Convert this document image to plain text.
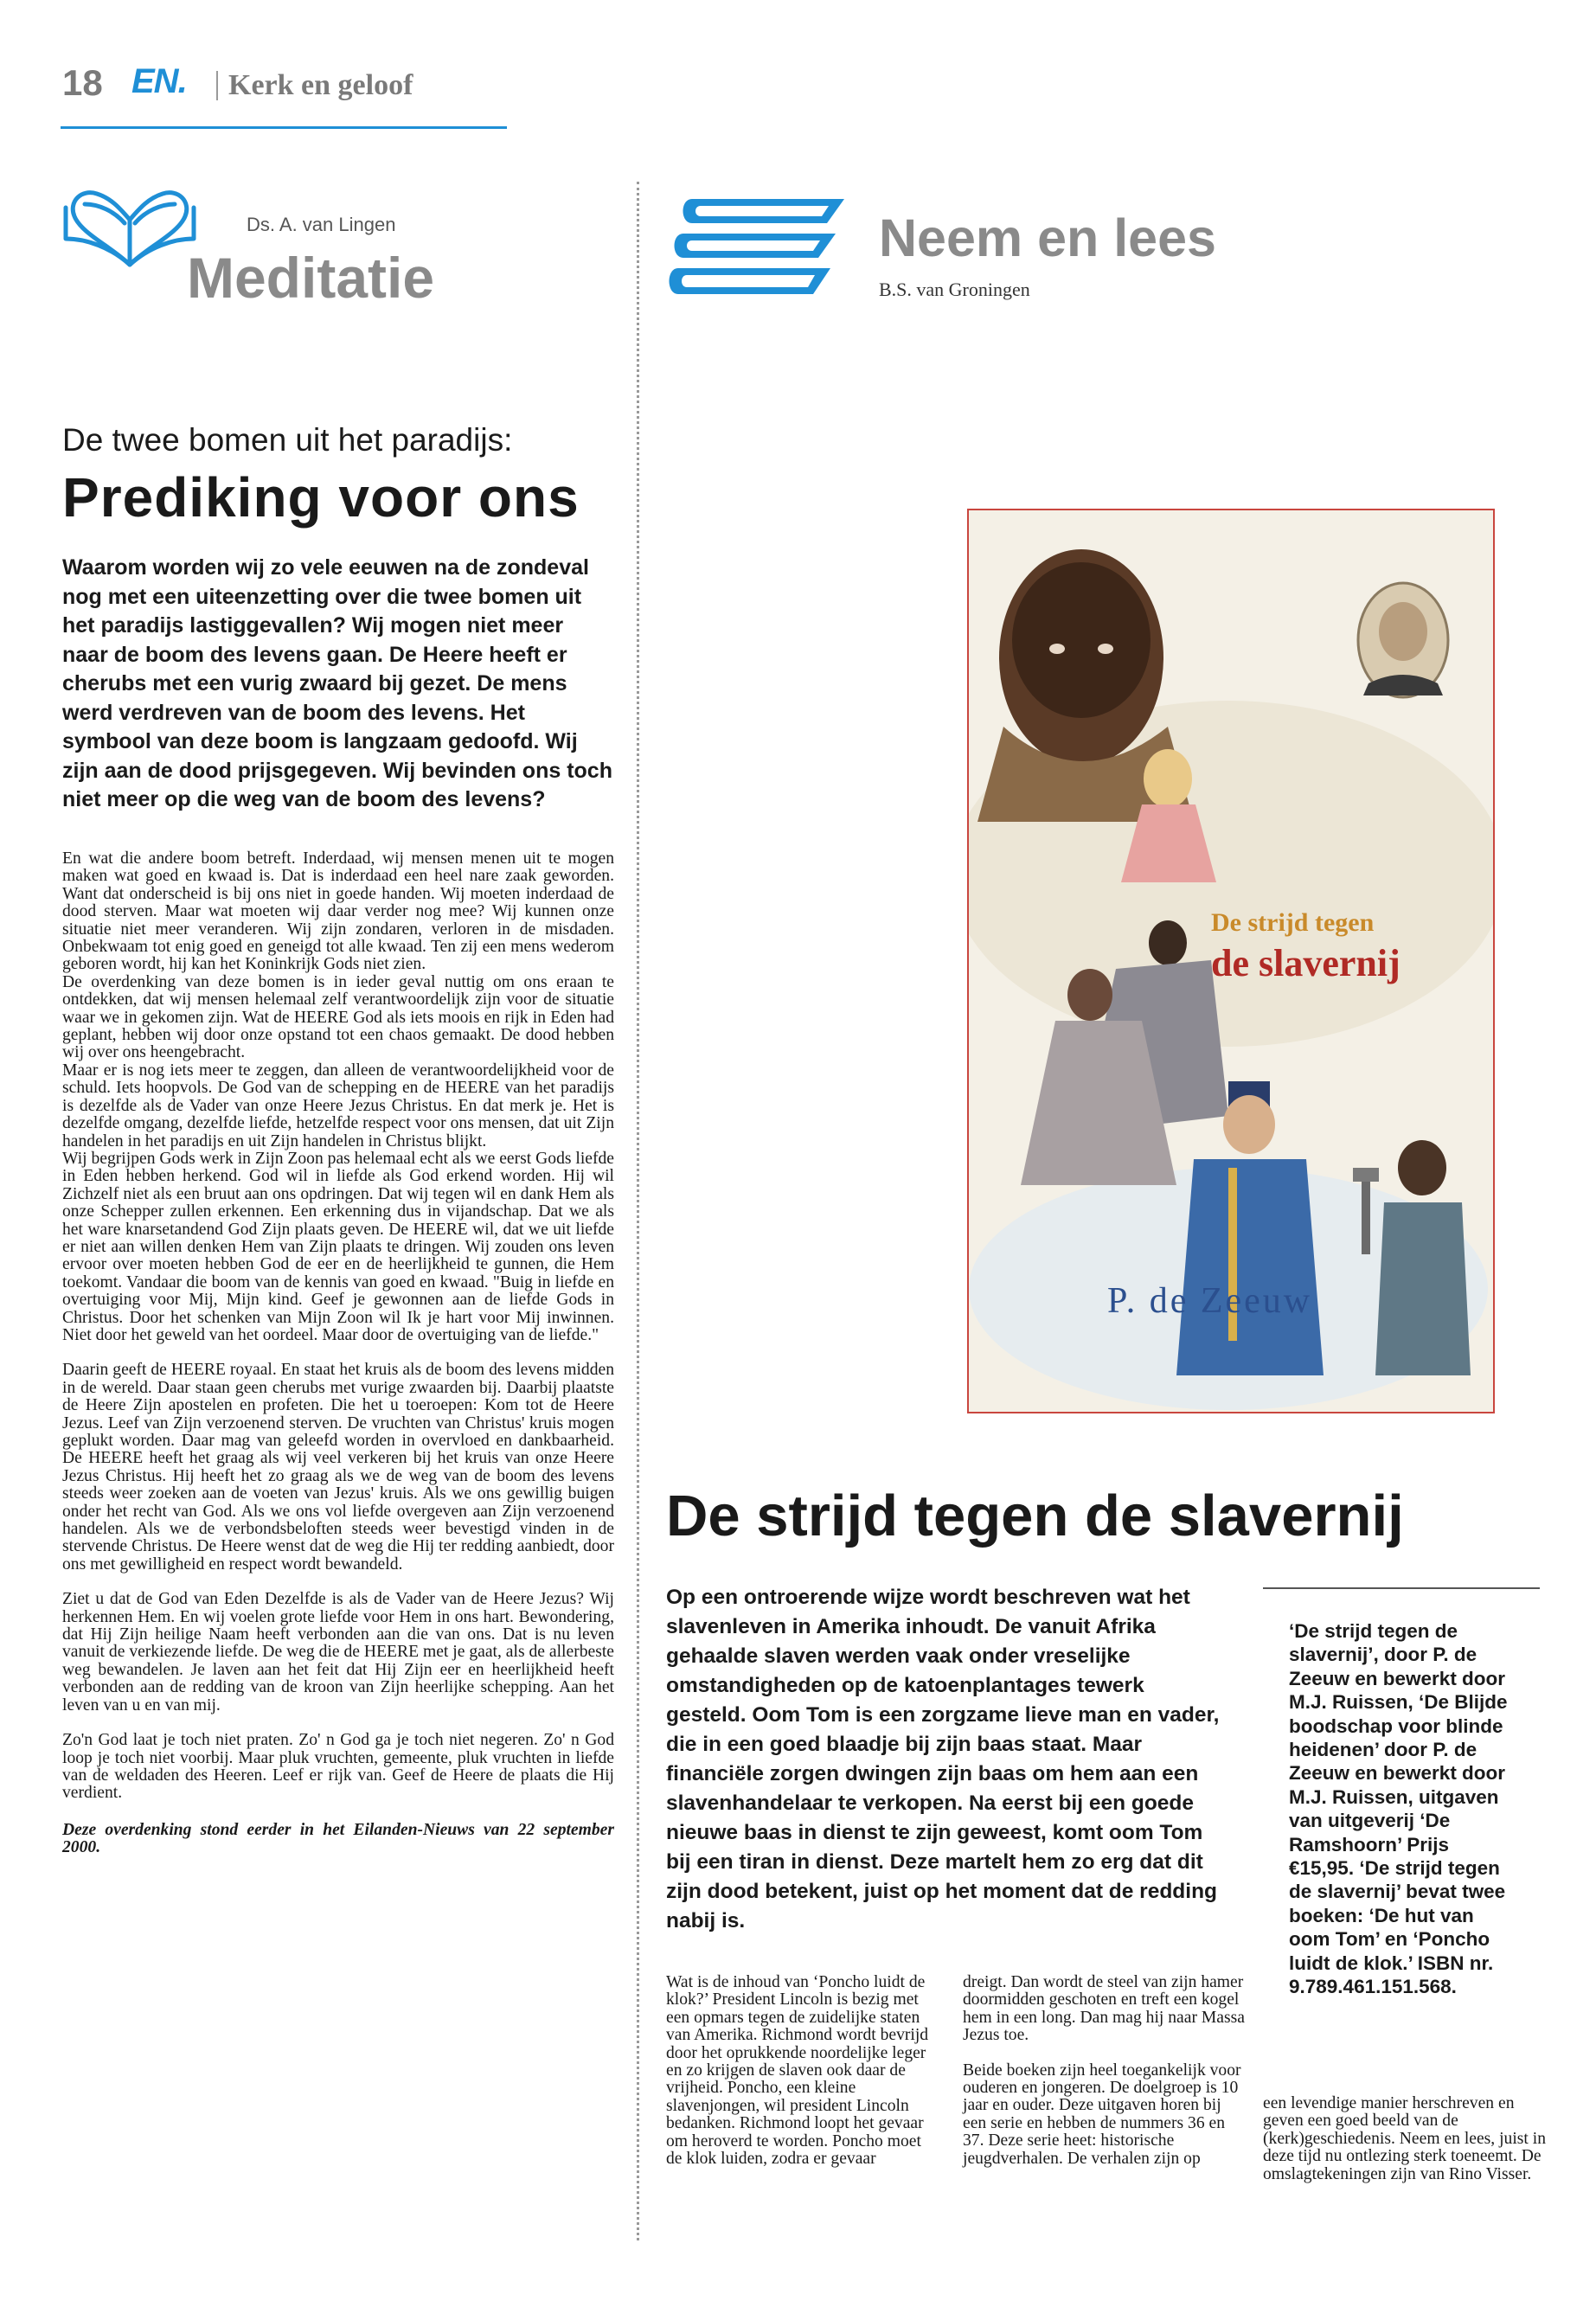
18 EN. Kerk en geloof
Ds. A. van Lingen
Meditatie
De twee bomen uit het paradijs:
Prediking voor ons
Waarom worden wij zo vele eeuwen na de zondeval nog met een uiteenzetting over die twee bomen uit het paradijs lastiggevallen? Wij mogen niet meer naar de boom des levens gaan. De Heere heeft er cherubs met een vurig zwaard bij gezet. De mens werd verdreven van de boom des levens. Het symbool van deze boom is langzaam gedoofd. Wij zijn aan de dood prijsgegeven. Wij bevinden ons toch niet meer op die weg van de boom des levens?

En wat die andere boom betreft. Inderdaad, wij mensen menen uit te mogen maken wat goed en kwaad is. Dat is inderdaad een heel nare zaak geworden. Want dat onderscheid is bij ons niet in goede handen. Wij moeten inderdaad de dood sterven. Maar wat moeten wij daar verder nog mee? Wij kunnen onze situatie niet meer veranderen. Wij zijn zondaren, verloren in de misdaden. Onbekwaam tot enig goed en geneigd tot alle kwaad. Ten zij een mens wederom geboren wordt, hij kan het Koninkrijk Gods niet zien.

De overdenking van deze bomen is in ieder geval nuttig om ons eraan te ontdekken, dat wij mensen helemaal zelf verantwoordelijk zijn voor de situatie waar we in gekomen zijn. Wat de HEERE God als iets moois en rijk in Eden had geplant, hebben wij door onze opstand tot een chaos gemaakt. De dood hebben wij over ons heengebracht.

Maar er is nog iets meer te zeggen, dan alleen de verantwoordelijkheid voor de schuld. Iets hoopvols. De God van de schepping en de HEERE van het paradijs is dezelfde als de Vader van onze Heere Jezus Christus. En dat merk je. Het is dezelfde omgang, dezelfde liefde, hetzelfde respect voor ons mensen, dat uit Zijn handelen in het paradijs en uit Zijn handelen in Christus blijkt.

Wij begrijpen Gods werk in Zijn Zoon pas helemaal echt als we eerst Gods liefde in Eden hebben herkend. God wil in liefde als God erkend worden. Hij wil Zichzelf niet als een bruut aan ons opdringen. Dat wij tegen wil en dank Hem als onze Schepper zullen erkennen. Een erkenning dus in vijandschap. Dat we als het ware knarsetandend God Zijn plaats geven. De HEERE wil, dat we uit liefde er niet aan willen denken Hem van Zijn plaats te dringen. Wij zouden ons leven ervoor over moeten hebben God de eer en de heerlijkheid te gunnen, die Hem toekomt. Vandaar die boom van de kennis van goed en kwaad. "Buig in liefde en overtuiging voor Mij, Mijn kind. Geef je gewonnen aan de liefde Gods in Christus. Door het schenken van Mijn Zoon wil Ik je hart voor Mij inwinnen. Niet door het geweld van het oordeel. Maar door de overtuiging van de liefde."

Daarin geeft de HEERE royaal. En staat het kruis als de boom des levens midden in de wereld. Daar staan geen cherubs met vurige zwaarden bij. Daarbij plaatste de Heere Zijn apostelen en profeten. Die het u toeroepen: Kom tot de Heere Jezus. Leef van Zijn verzoenend sterven. De vruchten van Christus' kruis mogen geplukt worden. Daar mag van geleefd worden in overvloed en dankbaarheid. De HEERE heeft het graag als wij veel verkeren bij het kruis van onze Heere Jezus Christus. Hij heeft het zo graag als we de weg van de boom des levens steeds weer zoeken aan de voeten van Jezus' kruis. Als we ons gewillig buigen onder het recht van God. Als we ons vol liefde overgeven aan Zijn verzoenend handelen. Als we de verbondsbeloften steeds weer bevestigd vinden in de stervende Christus. De Heere wenst dat de weg die Hij ter redding aanbiedt, door ons met gewilligheid en respect wordt bewandeld.

Ziet u dat de God van Eden Dezelfde is als de Vader van de Heere Jezus? Wij herkennen Hem. En wij voelen grote liefde voor Hem in ons hart. Bewondering, dat Hij Zijn heilige Naam heeft verbonden aan die van ons. Dat is nu leven vanuit de verkiezende liefde. De weg die de HEERE met je gaat, als de allerbeste weg bewandelen. Je laven aan het feit dat Hij Zijn eer en heerlijkheid heeft verbonden aan de redding van de kroon van Zijn heerlijke schepping. Aan het leven van u en van mij.

Zo'n God laat je toch niet praten. Zo' n God ga je toch niet negeren. Zo' n God loop je toch niet voorbij. Maar pluk vruchten, gemeente, pluk vruchten in liefde van de weldaden des Heeren. Leef er rijk van. Geef de Heere de plaats die Hij verdient.

Deze overdenking stond eerder in het Eilanden-Nieuws van 22 september 2000.

Neem en lees
B.S. van Groningen
De strijd tegen
de slavernij
P. de Zeeuw
De strijd tegen de slavernij
Op een ontroerende wijze wordt beschreven wat het slavenleven in Amerika inhoudt. De vanuit Afrika gehaalde slaven werden vaak onder vreselijke omstandigheden op de katoenplantages tewerk gesteld. Oom Tom is een zorgzame lieve man en vader, die in een goed blaadje bij zijn baas staat. Maar financiële zorgen dwingen zijn baas om hem aan een slavenhandelaar te verkopen. Na eerst bij een goede nieuwe baas in dienst te zijn geweest, komt oom Tom bij een tiran in dienst. Deze martelt hem zo erg dat dit zijn dood betekent, juist op het moment dat de redding nabij is.

Wat is de inhoud van ‘Poncho luidt de klok?’ President Lincoln is bezig met een opmars tegen de zuidelijke staten van Amerika. Richmond wordt bevrijd door het oprukkende noordelijke leger en zo krijgen de slaven ook daar de vrijheid. Poncho, een kleine slavenjongen, wil president Lincoln bedanken. Richmond loopt het gevaar om heroverd te worden. Poncho moet de klok luiden, zodra er gevaar

dreigt. Dan wordt de steel van zijn hamer doormidden geschoten en treft een kogel hem in een long. Dan mag hij naar Massa Jezus toe.

Beide boeken zijn heel toegankelijk voor ouderen en jongeren. De doelgroep is 10 jaar en ouder. Deze uitgaven horen bij een serie en hebben de nummers 36 en 37. Deze serie heet: historische jeugdverhalen. De verhalen zijn op

‘De strijd tegen de slavernij’, door P. de Zeeuw en bewerkt door M.J. Ruissen, ‘De Blijde boodschap voor blinde heidenen’ door P. de Zeeuw en bewerkt door M.J. Ruissen, uitgaven van uitgeverij ‘De Ramshoorn’ Prijs €15,95. ‘De strijd tegen de slavernij’ bevat twee boeken: ‘De hut van oom Tom’ en ‘Poncho luidt de klok.’ ISBN nr. 9.789.461.151.568.

een levendige manier herschreven en geven een goed beeld van de (kerk)geschiedenis. Neem en lees, juist in deze tijd nu ontlezing sterk toeneemt. De omslagtekeningen zijn van Rino Visser.
